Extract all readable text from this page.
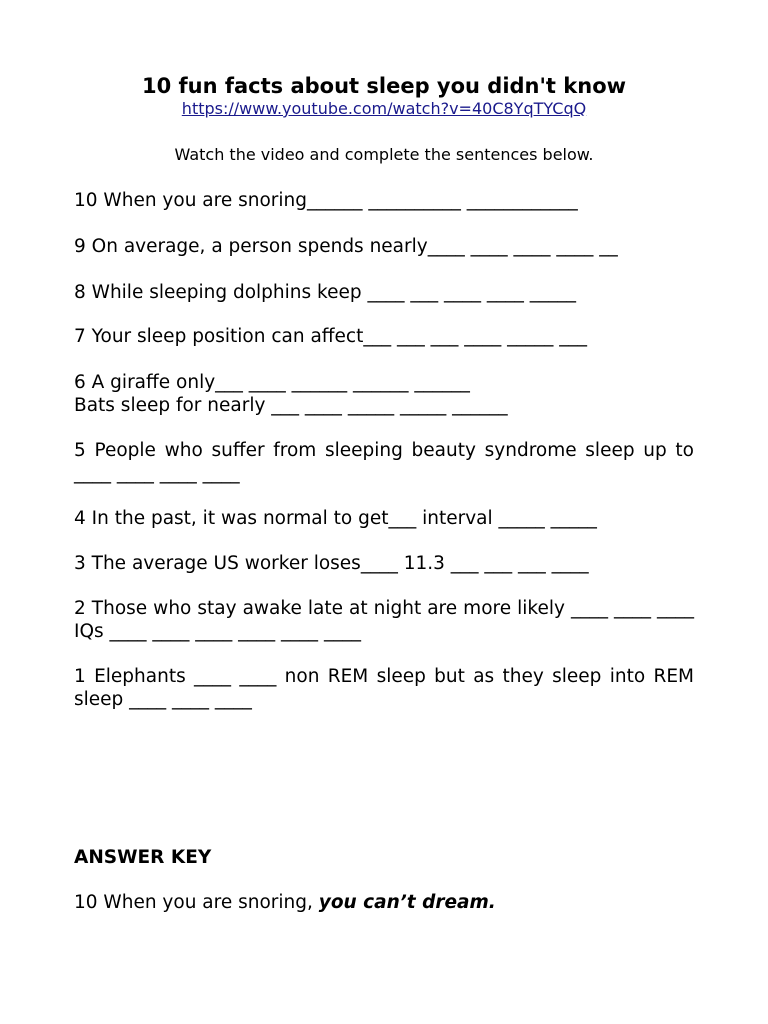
10 fun facts about sleep you didn't know
https://www.youtube.com/watch?v=40C8YqTYCqQ
Watch the video and complete the sentences below.

10 When you are snoring______ __________ ____________

9 On average, a person spends nearly____ ____ ____ ____ __

8 While sleeping dolphins keep ____ ___ ____ ____ _____

7 Your sleep position can affect___ ___ ___ ____ _____ ___

6 A giraffe only___ ____ ______ ______ ______

Bats sleep for nearly ___ ____ _____ _____ ______

5 People who suffer from sleeping beauty syndrome sleep up to ____ ____ ____ ____

4 In the past, it was normal to get___ interval _____ _____

3 The average US worker loses____ 11.3 ___ ___ ___ ____

2 Those who stay awake late at night are more likely ____ ____ ____ IQs ____ ____ ____ ____ ____ ____

1 Elephants ____ ____ non REM sleep but as they sleep into REM sleep ____ ____ ____

ANSWER KEY
10 When you are snoring, you can’t dream.
